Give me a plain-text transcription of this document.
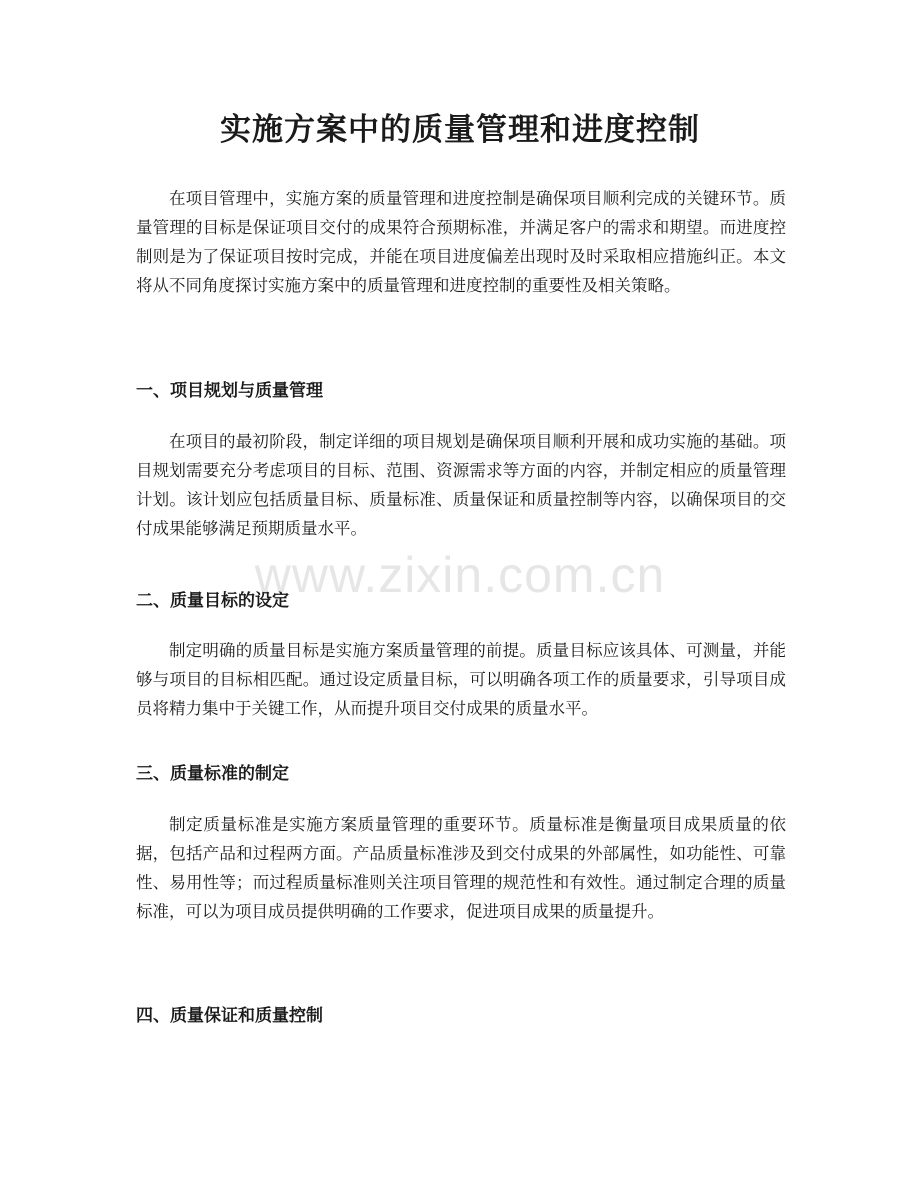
实施方案中的质量管理和进度控制

在项目管理中，实施方案的质量管理和进度控制是确保项目顺利完成的关键环节。质量管理的目标是保证项目交付的成果符合预期标准，并满足客户的需求和期望。而进度控制则是为了保证项目按时完成，并能在项目进度偏差出现时及时采取相应措施纠正。本文将从不同角度探讨实施方案中的质量管理和进度控制的重要性及相关策略。

一、项目规划与质量管理

在项目的最初阶段，制定详细的项目规划是确保项目顺利开展和成功实施的基础。项目规划需要充分考虑项目的目标、范围、资源需求等方面的内容，并制定相应的质量管理计划。该计划应包括质量目标、质量标准、质量保证和质量控制等内容，以确保项目的交付成果能够满足预期质量水平。

二、质量目标的设定

制定明确的质量目标是实施方案质量管理的前提。质量目标应该具体、可测量，并能够与项目的目标相匹配。通过设定质量目标，可以明确各项工作的质量要求，引导项目成员将精力集中于关键工作，从而提升项目交付成果的质量水平。

三、质量标准的制定

制定质量标准是实施方案质量管理的重要环节。质量标准是衡量项目成果质量的依据，包括产品和过程两方面。产品质量标准涉及到交付成果的外部属性，如功能性、可靠性、易用性等；而过程质量标准则关注项目管理的规范性和有效性。通过制定合理的质量标准，可以为项目成员提供明确的工作要求，促进项目成果的质量提升。

四、质量保证和质量控制
www.zixin.com.cn
